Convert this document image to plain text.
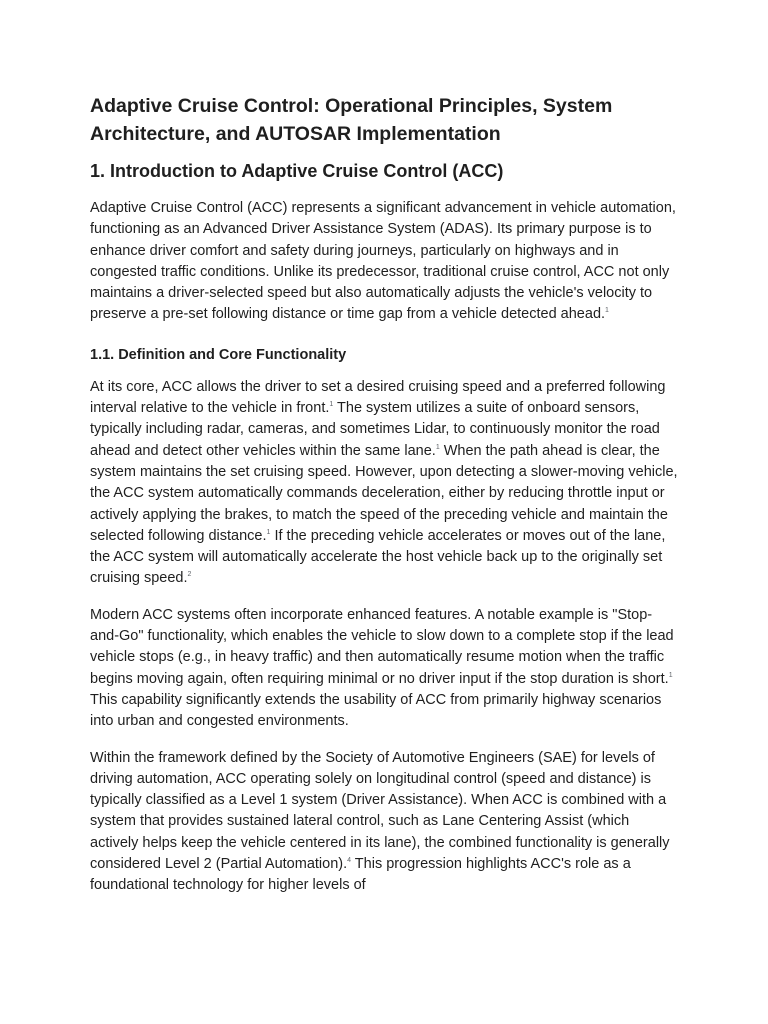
Adaptive Cruise Control: Operational Principles, System Architecture, and AUTOSAR Implementation
1. Introduction to Adaptive Cruise Control (ACC)

Adaptive Cruise Control (ACC) represents a significant advancement in vehicle automation, functioning as an Advanced Driver Assistance System (ADAS). Its primary purpose is to enhance driver comfort and safety during journeys, particularly on highways and in congested traffic conditions. Unlike its predecessor, traditional cruise control, ACC not only maintains a driver-selected speed but also automatically adjusts the vehicle's velocity to preserve a pre-set following distance or time gap from a vehicle detected ahead.$^1$

1.1. Definition and Core Functionality

At its core, ACC allows the driver to set a desired cruising speed and a preferred following interval relative to the vehicle in front.$^1$ The system utilizes a suite of onboard sensors, typically including radar, cameras, and sometimes Lidar, to continuously monitor the road ahead and detect other vehicles within the same lane.$^1$ When the path ahead is clear, the system maintains the set cruising speed. However, upon detecting a slower-moving vehicle, the ACC system automatically commands deceleration, either by reducing throttle input or actively applying the brakes, to match the speed of the preceding vehicle and maintain the selected following distance.$^1$ If the preceding vehicle accelerates or moves out of the lane, the ACC system will automatically accelerate the host vehicle back up to the originally set cruising speed.$^2$

Modern ACC systems often incorporate enhanced features. A notable example is "Stop-and-Go" functionality, which enables the vehicle to slow down to a complete stop if the lead vehicle stops (e.g., in heavy traffic) and then automatically resume motion when the traffic begins moving again, often requiring minimal or no driver input if the stop duration is short.$^1$ This capability significantly extends the usability of ACC from primarily highway scenarios into urban and congested environments.

Within the framework defined by the Society of Automotive Engineers (SAE) for levels of driving automation, ACC operating solely on longitudinal control (speed and distance) is typically classified as a Level 1 system (Driver Assistance). When ACC is combined with a system that provides sustained lateral control, such as Lane Centering Assist (which actively helps keep the vehicle centered in its lane), the combined functionality is generally considered Level 2 (Partial Automation).$^4$ This progression highlights ACC's role as a foundational technology for higher levels of
